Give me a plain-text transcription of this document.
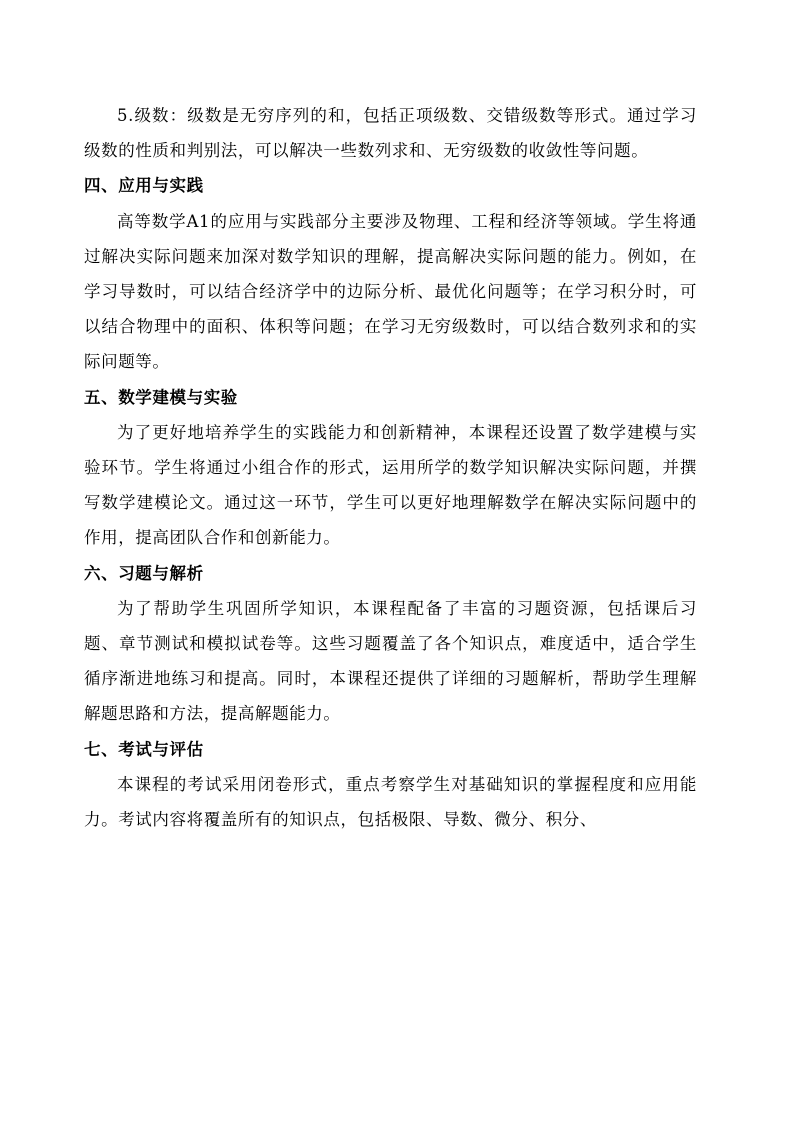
5.级数：级数是无穷序列的和，包括正项级数、交错级数等形式。通过学习级数的性质和判别法，可以解决一些数列求和、无穷级数的收敛性等问题。

四、应用与实践

高等数学A1的应用与实践部分主要涉及物理、工程和经济等领域。学生将通过解决实际问题来加深对数学知识的理解，提高解决实际问题的能力。例如，在学习导数时，可以结合经济学中的边际分析、最优化问题等；在学习积分时，可以结合物理中的面积、体积等问题；在学习无穷级数时，可以结合数列求和的实际问题等。

五、数学建模与实验

为了更好地培养学生的实践能力和创新精神，本课程还设置了数学建模与实验环节。学生将通过小组合作的形式，运用所学的数学知识解决实际问题，并撰写数学建模论文。通过这一环节，学生可以更好地理解数学在解决实际问题中的作用，提高团队合作和创新能力。

六、习题与解析

为了帮助学生巩固所学知识，本课程配备了丰富的习题资源，包括课后习题、章节测试和模拟试卷等。这些习题覆盖了各个知识点，难度适中，适合学生循序渐进地练习和提高。同时，本课程还提供了详细的习题解析，帮助学生理解解题思路和方法，提高解题能力。

七、考试与评估

本课程的考试采用闭卷形式，重点考察学生对基础知识的掌握程度和应用能力。考试内容将覆盖所有的知识点，包括极限、导数、微分、积分、
